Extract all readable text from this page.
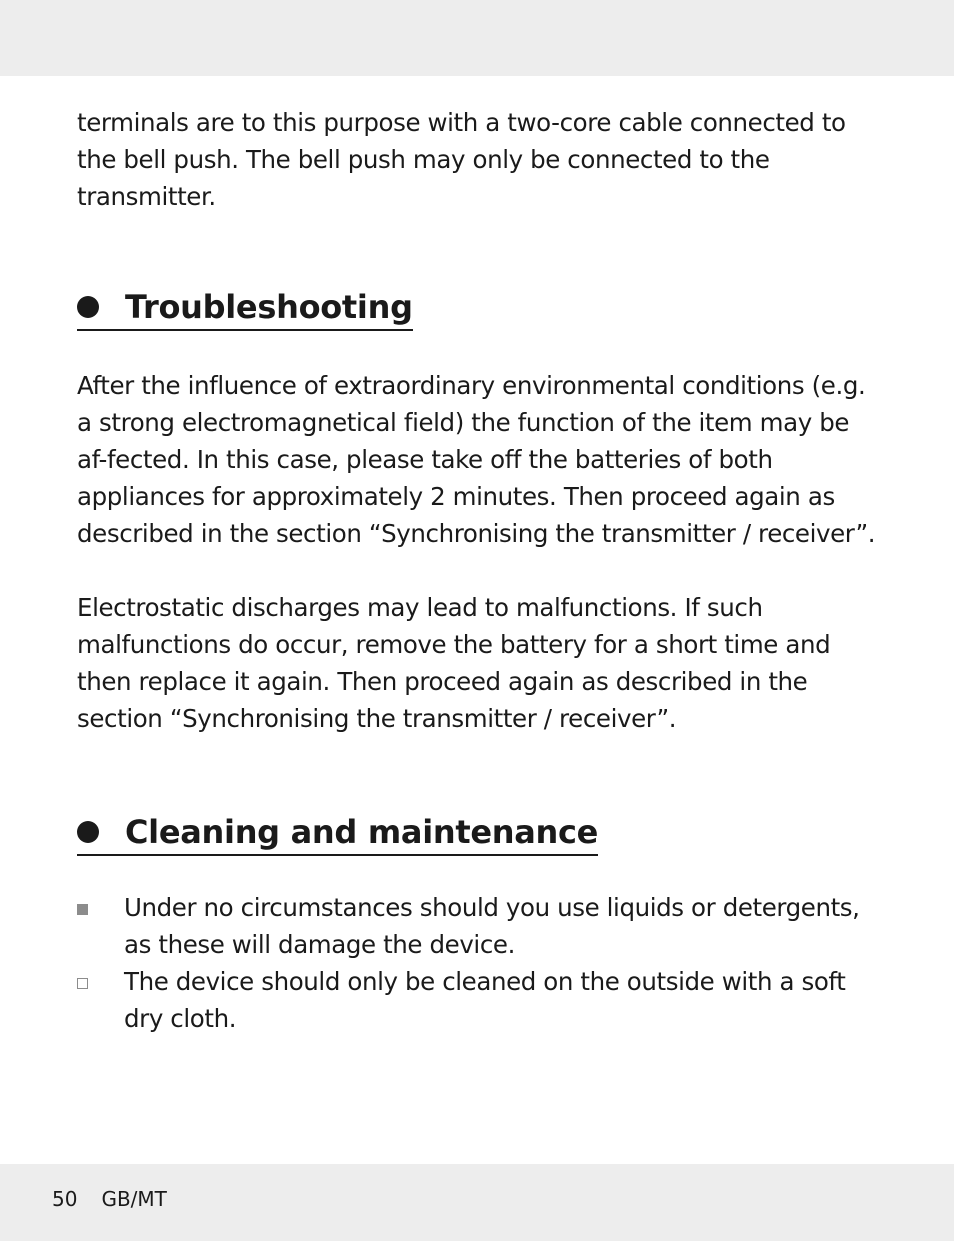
terminals are to this purpose with a two-core cable connected to the bell push. The bell push may only be connected to the transmitter.

Troubleshooting

After the influence of extraordinary environmental conditions (e.g. a strong electromagnetical field) the function of the item may be af-fected. In this case, please take off the batteries of both appliances for approximately 2 minutes. Then proceed again as described in the section “Synchronising the transmitter / receiver”.

Electrostatic discharges may lead to malfunctions. If such malfunctions do occur, remove the battery for a short time and then replace it again. Then proceed again as described in the section “Synchronising the transmitter / receiver”.

Cleaning and maintenance
Under no circumstances should you use liquids or detergents, as these will damage the device.
The device should only be cleaned on the outside with a soft dry cloth.
50 GB/MT
